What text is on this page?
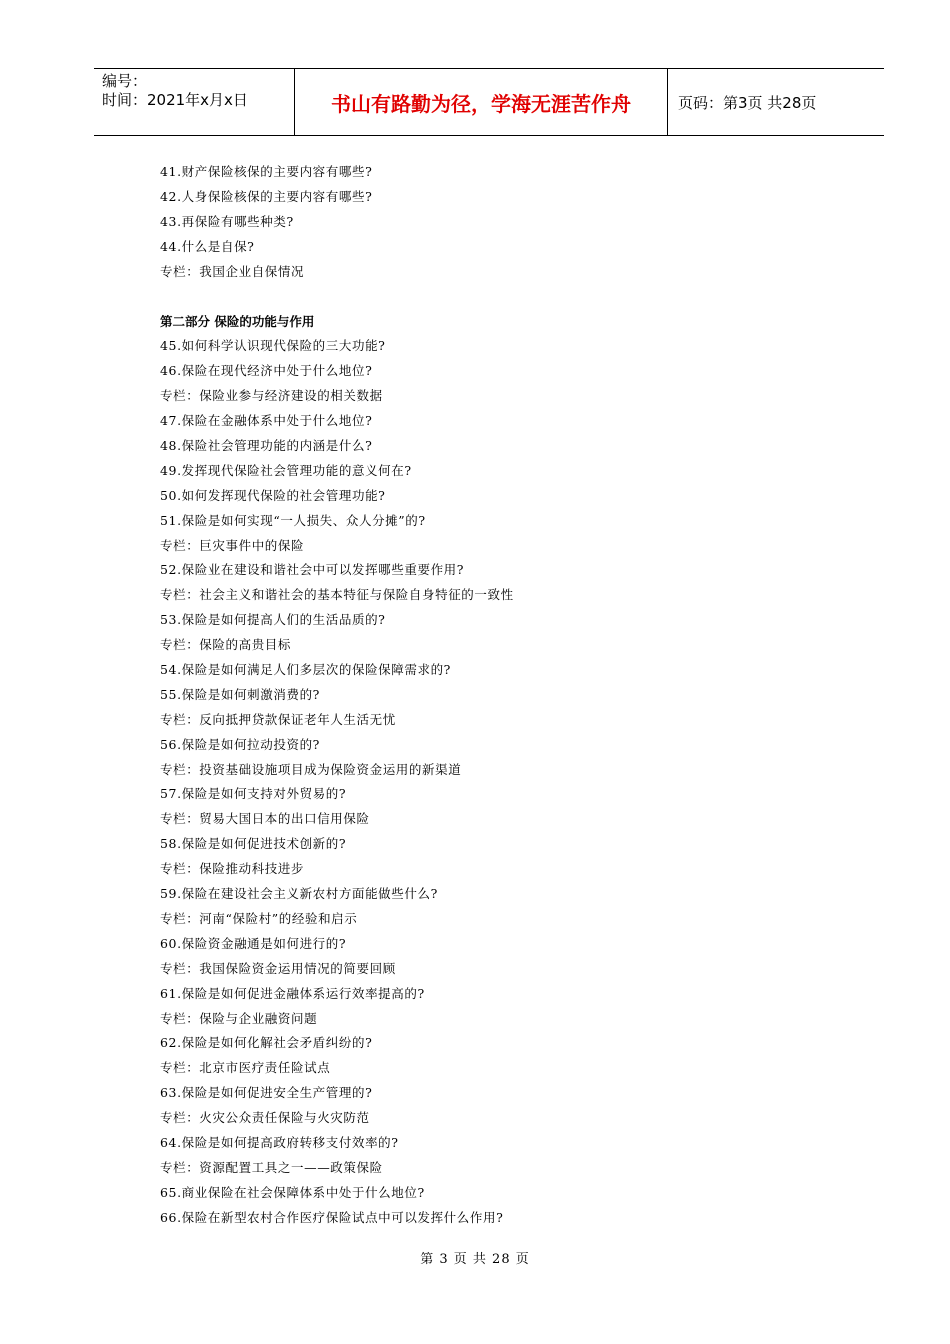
编号：
时间：2021年x月x日	书山有路勤为径，学海无涯苦作舟	页码：第3页 共28页
41.财产保险核保的主要内容有哪些?
42.人身保险核保的主要内容有哪些?
43.再保险有哪些种类?
44.什么是自保?
专栏：我国企业自保情况
第二部分 保险的功能与作用
45.如何科学认识现代保险的三大功能?
46.保险在现代经济中处于什么地位?
专栏：保险业参与经济建设的相关数据
47.保险在金融体系中处于什么地位?
48.保险社会管理功能的内涵是什么?
49.发挥现代保险社会管理功能的意义何在?
50.如何发挥现代保险的社会管理功能?
51.保险是如何实现“一人损失、众人分摊”的?
专栏：巨灾事件中的保险
52.保险业在建设和谐社会中可以发挥哪些重要作用?
专栏：社会主义和谐社会的基本特征与保险自身特征的一致性
53.保险是如何提高人们的生活品质的?
专栏：保险的高贵目标
54.保险是如何满足人们多层次的保险保障需求的?
55.保险是如何刺激消费的?
专栏：反向抵押贷款保证老年人生活无忧
56.保险是如何拉动投资的?
专栏：投资基础设施项目成为保险资金运用的新渠道
57.保险是如何支持对外贸易的?
专栏：贸易大国日本的出口信用保险
58.保险是如何促进技术创新的?
专栏：保险推动科技进步
59.保险在建设社会主义新农村方面能做些什么?
专栏：河南“保险村”的经验和启示
60.保险资金融通是如何进行的?
专栏：我国保险资金运用情况的简要回顾
61.保险是如何促进金融体系运行效率提高的?
专栏：保险与企业融资问题
62.保险是如何化解社会矛盾纠纷的?
专栏：北京市医疗责任险试点
63.保险是如何促进安全生产管理的?
专栏：火灾公众责任保险与火灾防范
64.保险是如何提高政府转移支付效率的?
专栏：资源配置工具之一——政策保险
65.商业保险在社会保障体系中处于什么地位?
66.保险在新型农村合作医疗保险试点中可以发挥什么作用?
第 3 页 共 28 页
